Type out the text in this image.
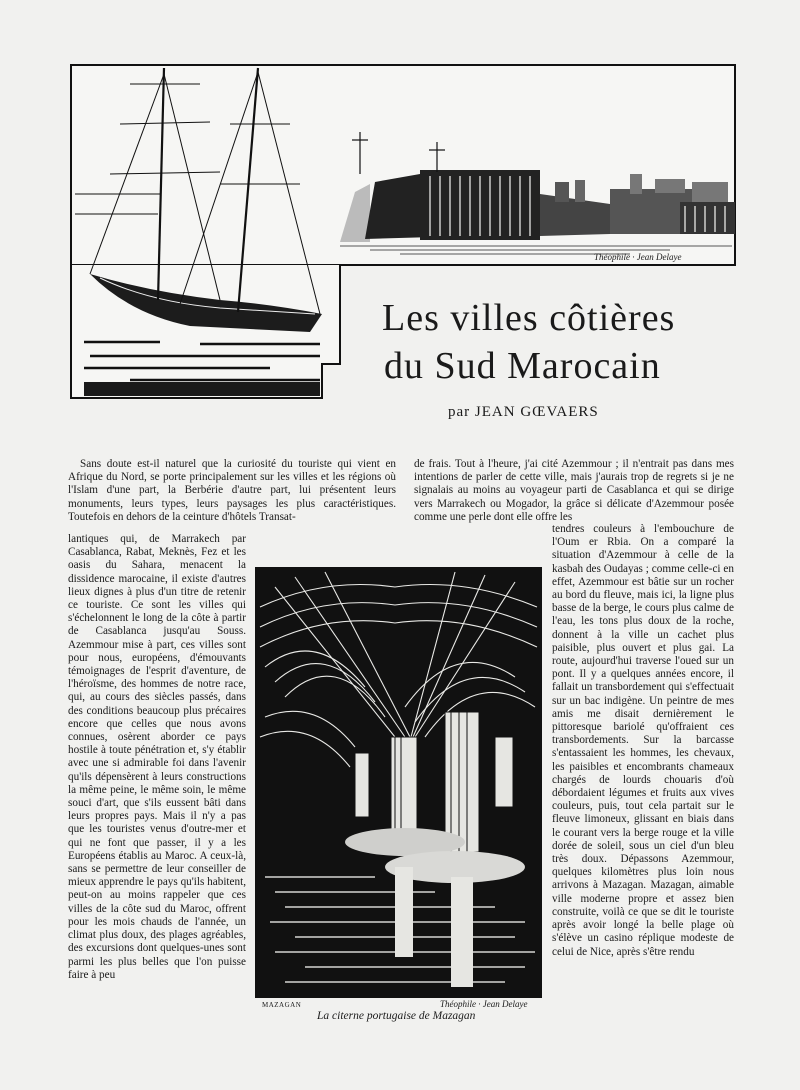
Théophile · Jean Delaye
Les villes côtières
du Sud Marocain
par JEAN GŒVAERS

Sans doute est-il naturel que la curiosité du touriste qui vient en Afrique du Nord, se porte principalement sur les villes et les régions où l'Islam d'une part, la Berbérie d'autre part, lui présentent leurs monuments, leurs types, leurs paysages les plus caractéristiques. Toutefois en dehors de la ceinture d'hôtels Transat-

lantiques qui, de Marrakech par Casablanca, Rabat, Meknès, Fez et les oasis du Sahara, menacent la dissidence marocaine, il existe d'autres lieux dignes à plus d'un titre de retenir ce touriste. Ce sont les villes qui s'échelonnent le long de la côte à partir de Casablanca jusqu'au Souss. Azemmour mise à part, ces villes sont pour nous, européens, d'émouvants témoignages de l'esprit d'aventure, de l'héroïsme, des hommes de notre race, qui, au cours des siècles passés, dans des conditions beaucoup plus précaires encore que celles que nous avons connues, osèrent aborder ce pays hostile à toute pénétration et, s'y établir avec une si admirable foi dans l'avenir qu'ils dépensèrent à leurs constructions la même peine, le même soin, le même souci d'art, que s'ils eussent bâti dans leurs propres pays. Mais il n'y a pas que les touristes venus d'outre-mer et qui ne font que passer, il y a les Européens établis au Maroc. A ceux-là, sans se permettre de leur conseiller de mieux apprendre le pays qu'ils habitent, peut-on au moins rappeler que ces villes de la côte sud du Maroc, offrent pour les mois chauds de l'année, un climat plus doux, des plages agréables, des excursions dont quelques-unes sont parmi les plus belles que l'on puisse faire à peu

de frais. Tout à l'heure, j'ai cité Azemmour ; il n'entrait pas dans mes intentions de parler de cette ville, mais j'aurais trop de regrets si je ne signalais au moins au voyageur parti de Casablanca et qui se dirige vers Marrakech ou Mogador, la grâce si délicate d'Azemmour posée comme une perle dont elle offre les

tendres couleurs à l'embouchure de l'Oum er Rbia. On a comparé la situation d'Azemmour à celle de la kasbah des Oudayas ; comme celle-ci en effet, Azemmour est bâtie sur un rocher au bord du fleuve, mais ici, la ligne plus basse de la berge, le cours plus calme de l'eau, les tons plus doux de la roche, donnent à la ville un cachet plus paisible, plus ouvert et plus gai. La route, aujourd'hui traverse l'oued sur un pont. Il y a quelques années encore, il fallait un transbordement qui s'effectuait sur un bac indigène. Un peintre de mes amis me disait dernièrement le pittoresque bariolé qu'offraient ces transbordements. Sur la barcasse s'entassaient les hommes, les chevaux, les paisibles et encombrants chameaux chargés de lourds chouaris d'où débordaient légumes et fruits aux vives couleurs, puis, tout cela partait sur le fleuve limoneux, glissant en biais dans le courant vers la berge rouge et la ville dorée de soleil, sous un ciel d'un bleu très doux. Dépassons Azemmour, quelques kilomètres plus loin nous arrivons à Mazagan. Mazagan, aimable ville moderne propre et assez bien construite, voilà ce que se dit le touriste après avoir longé la belle plage où s'élève un casino réplique modeste de celui de Nice, après s'être rendu

MAZAGAN	Théophile · Jean Delaye
La citerne portugaise de Mazagan
